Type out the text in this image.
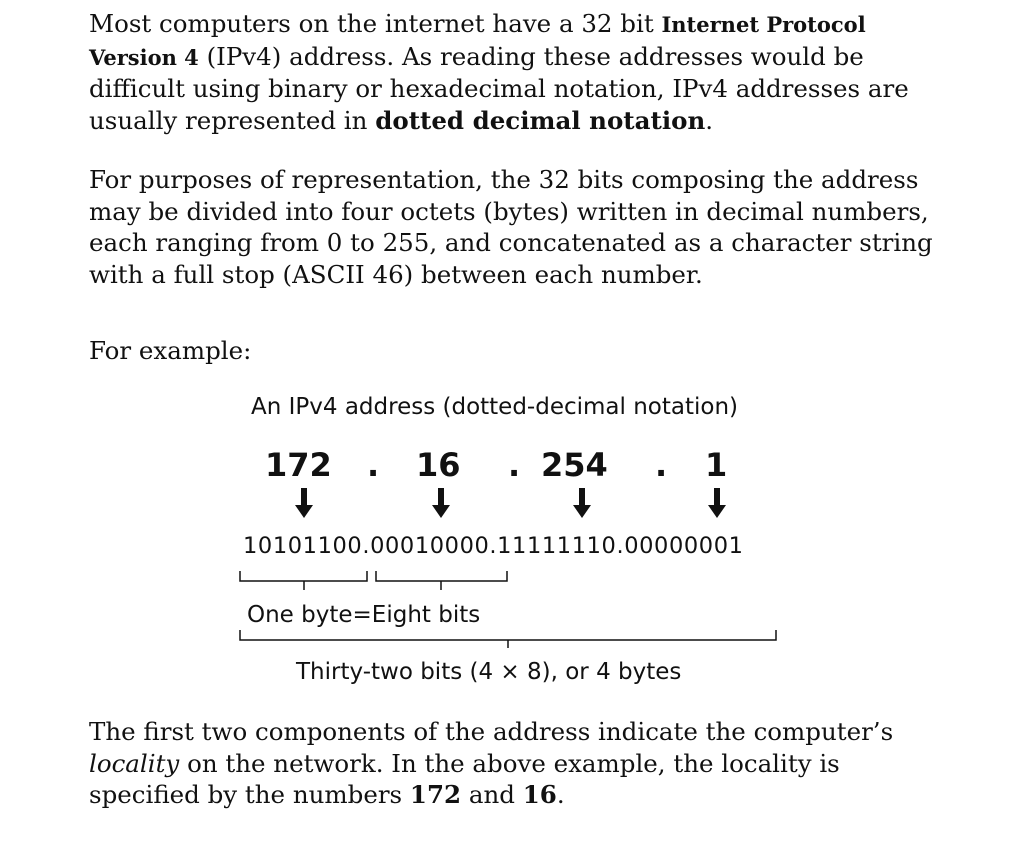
Most computers on the internet have a 32 bit Internet Protocol Version 4 (IPv4) address. As reading these addresses would be difficult using binary or hexadecimal notation, IPv4 addresses are usually represented in dotted decimal notation.

For purposes of representation, the 32 bits composing the address may be divided into four octets (bytes) written in decimal numbers, each ranging from 0 to 255, and concatenated as a character string with a full stop (ASCII 46) between each number.

For example:

An IPv4 address (dotted-decimal notation)
172 . 16 . 254 . 1
10101100.00010000.11111110.00000001
One byte=Eight bits
Thirty-two bits (4 × 8), or 4 bytes

The first two components of the address indicate the computer’s locality on the network. In the above example, the locality is specified by the numbers 172 and 16.
